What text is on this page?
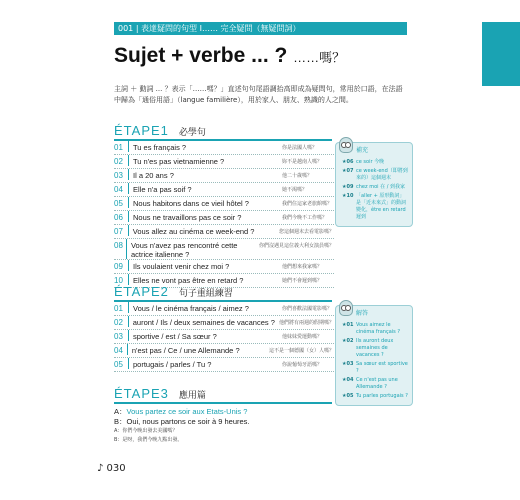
001 | 表達疑問的句型 Ⅰ…… 完全疑問（無疑問詞）
Sujet + verbe ... ? ……嗎？

主詞 ＋ 動詞 ... ？表示「……嗎？」直述句句尾語調抬高即成為疑問句，常用於口語，在法語

中歸為「通俗用語」（langue familière），用於家人、朋友、熟識的人之間。

ÉTAPE1 必學句
01	Tu es français ?	你是法國人嗎？
02	Tu n'es pas vietnamienne ?	妳不是越南人嗎？
03	Il a 20 ans ?	他二十歲嗎？
04	Elle n'a pas soif ?	她不渴嗎？
05	Nous habitons dans ce vieil hôtel ?	我們住這家老旅館嗎？
06	Nous ne travaillons pas ce soir ?	我們今晚不工作嗎？
07	Vous allez au cinéma ce week-end ?	您這個週末去看電影嗎？
08	Vous n'avez pas rencontré cette actrice italienne ?
你們沒遇見這位義大利女演員嗎？
09	Ils voulaient venir chez moi ?	他們想來我家嗎？
10	Elles ne vont pas être en retard ?	她們不會遲到嗎？
補充
★06 ce soir 今晚
★07 ce week-end（即將到來的）這個週末
★09 chez moi 在 / 到我家
★10 「aller + 原形動詞」是「近未來式」的動詞變化，être en retard 遲到
ÉTAPE2 句子重組練習
01	Vous / le cinéma français / aimez ?	你們喜歡法國電影嗎？
02	auront / Ils / deux semaines de vacances ? 他們將有兩週的假期嗎？
03	sportive / est / Sa sœur ?	他妹妹愛運動嗎？
04	n'est pas / Ce / une Allemande ?	這不是一個德國（女）人嗎？
05	portugais / parles / Tu ?	你說葡萄牙語嗎？
解答
★01 Vous aimez le cinéma français ?
★02 Ils auront deux semaines de vacances ?
★03 Sa sœur est sportive ?
★04 Ce n'est pas une Allemande ?
★05 Tu parles portugais ?
ÉTAPE3 應用篇
A：Vous partez ce soir aux Etats-Unis ?
B：Oui, nous partons ce soir à 9 heures.
A：你們今晚出發去美國嗎？
B：是呀，我們今晚九點出發。
♪ 030
